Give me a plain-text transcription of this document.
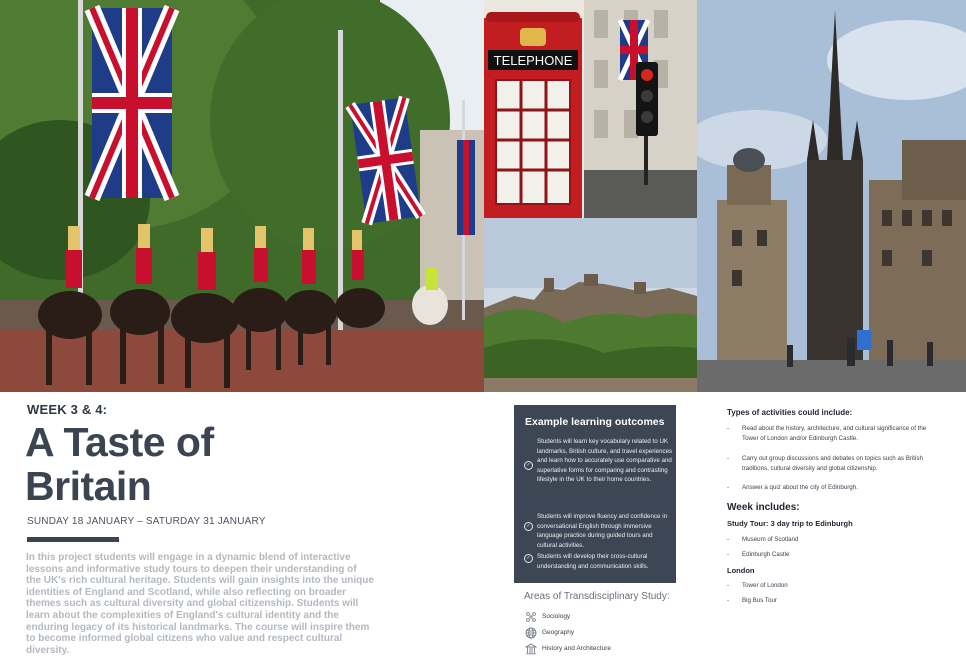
TELEPHONE
WEEK 3 & 4:
A Taste of
Britain
SUNDAY 18 JANUARY – SATURDAY 31 JANUARY
In this project students will engage in a dynamic blend of interactive lessons and informative study tours to deepen their understanding of the UK's rich cultural heritage. Students will gain insights into the unique identities of England and Scotland, while also reflecting on broader themes such as cultural diversity and global citizenship. Students will learn about the complexities of England's cultural identity and the enduring legacy of its historical landmarks. The course will inspire them to become informed global citizens who value and respect cultural diversity.
Example learning outcomes
✓
Students will learn key vocabulary related to UK landmarks, British culture, and travel experiences and learn how to accurately use comparative and superlative forms for comparing and contrasting lifestyle in the UK to their home countries.
✓
Students will improve fluency and confidence in conversational English through immersive language practice during guided tours and cultural activities.
✓	Students will develop their cross-cultural understanding and communication skills.
Areas of Transdisciplinary Study:
Sociology
Geography
History and Architecture
Types of activities could include:
- Read about the history, architecture, and cultural significance of the Tower of London and/or Edinburgh Castle.
- Carry out group discussions and debates on topics such as British traditions, cultural diversity and global citizenship.
- Answer a quiz about the city of Edinburgh.
Week includes:
Study Tour: 3 day trip to Edinburgh
- Museum of Scotland
- Edinburgh Castle
London
- Tower of London
- Big Bus Tour
